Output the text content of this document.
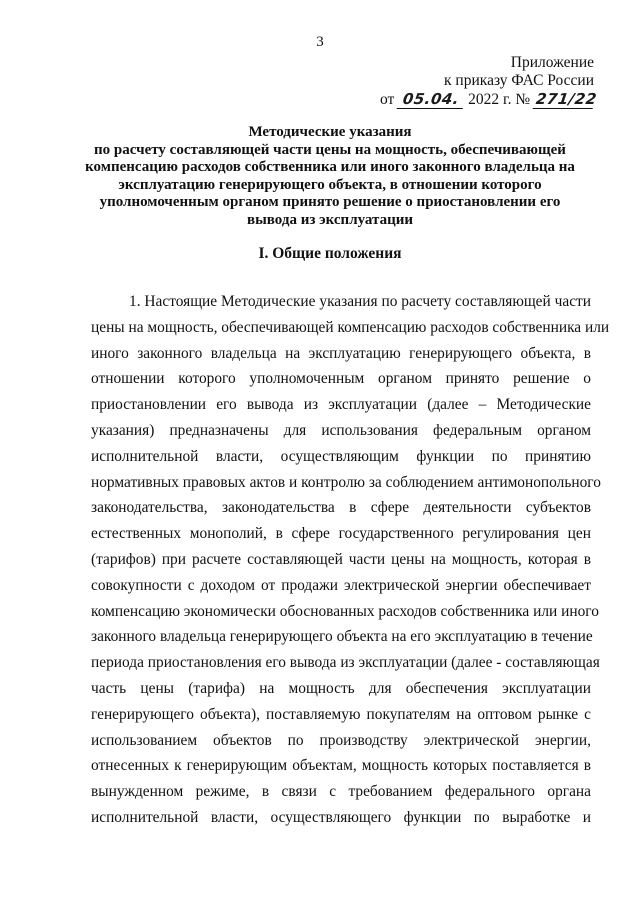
3
Приложение
к приказу ФАС России
от 05.04. 2022 г. № 271/22
Методические указания
по расчету составляющей части цены на мощность, обеспечивающей
компенсацию расходов собственника или иного законного владельца на
эксплуатацию генерирующего объекта, в отношении которого
уполномоченным органом принято решение о приостановлении его
вывода из эксплуатации
I. Общие положения
1. Настоящие Методические указания по расчету составляющей части
цены на мощность, обеспечивающей компенсацию расходов собственника или
иного законного владельца на эксплуатацию генерирующего объекта, в
отношении которого уполномоченным органом принято решение о
приостановлении его вывода из эксплуатации (далее – Методические
указания) предназначены для использования федеральным органом
исполнительной власти, осуществляющим функции по принятию
нормативных правовых актов и контролю за соблюдением антимонопольного
законодательства, законодательства в сфере деятельности субъектов
естественных монополий, в сфере государственного регулирования цен
(тарифов) при расчете составляющей части цены на мощность, которая в
совокупности с доходом от продажи электрической энергии обеспечивает
компенсацию экономически обоснованных расходов собственника или иного
законного владельца генерирующего объекта на его эксплуатацию в течение
периода приостановления его вывода из эксплуатации (далее - составляющая
часть цены (тарифа) на мощность для обеспечения эксплуатации
генерирующего объекта), поставляемую покупателям на оптовом рынке с
использованием объектов по производству электрической энергии,
отнесенных к генерирующим объектам, мощность которых поставляется в
вынужденном режиме, в связи с требованием федерального органа
исполнительной власти, осуществляющего функции по выработке и
